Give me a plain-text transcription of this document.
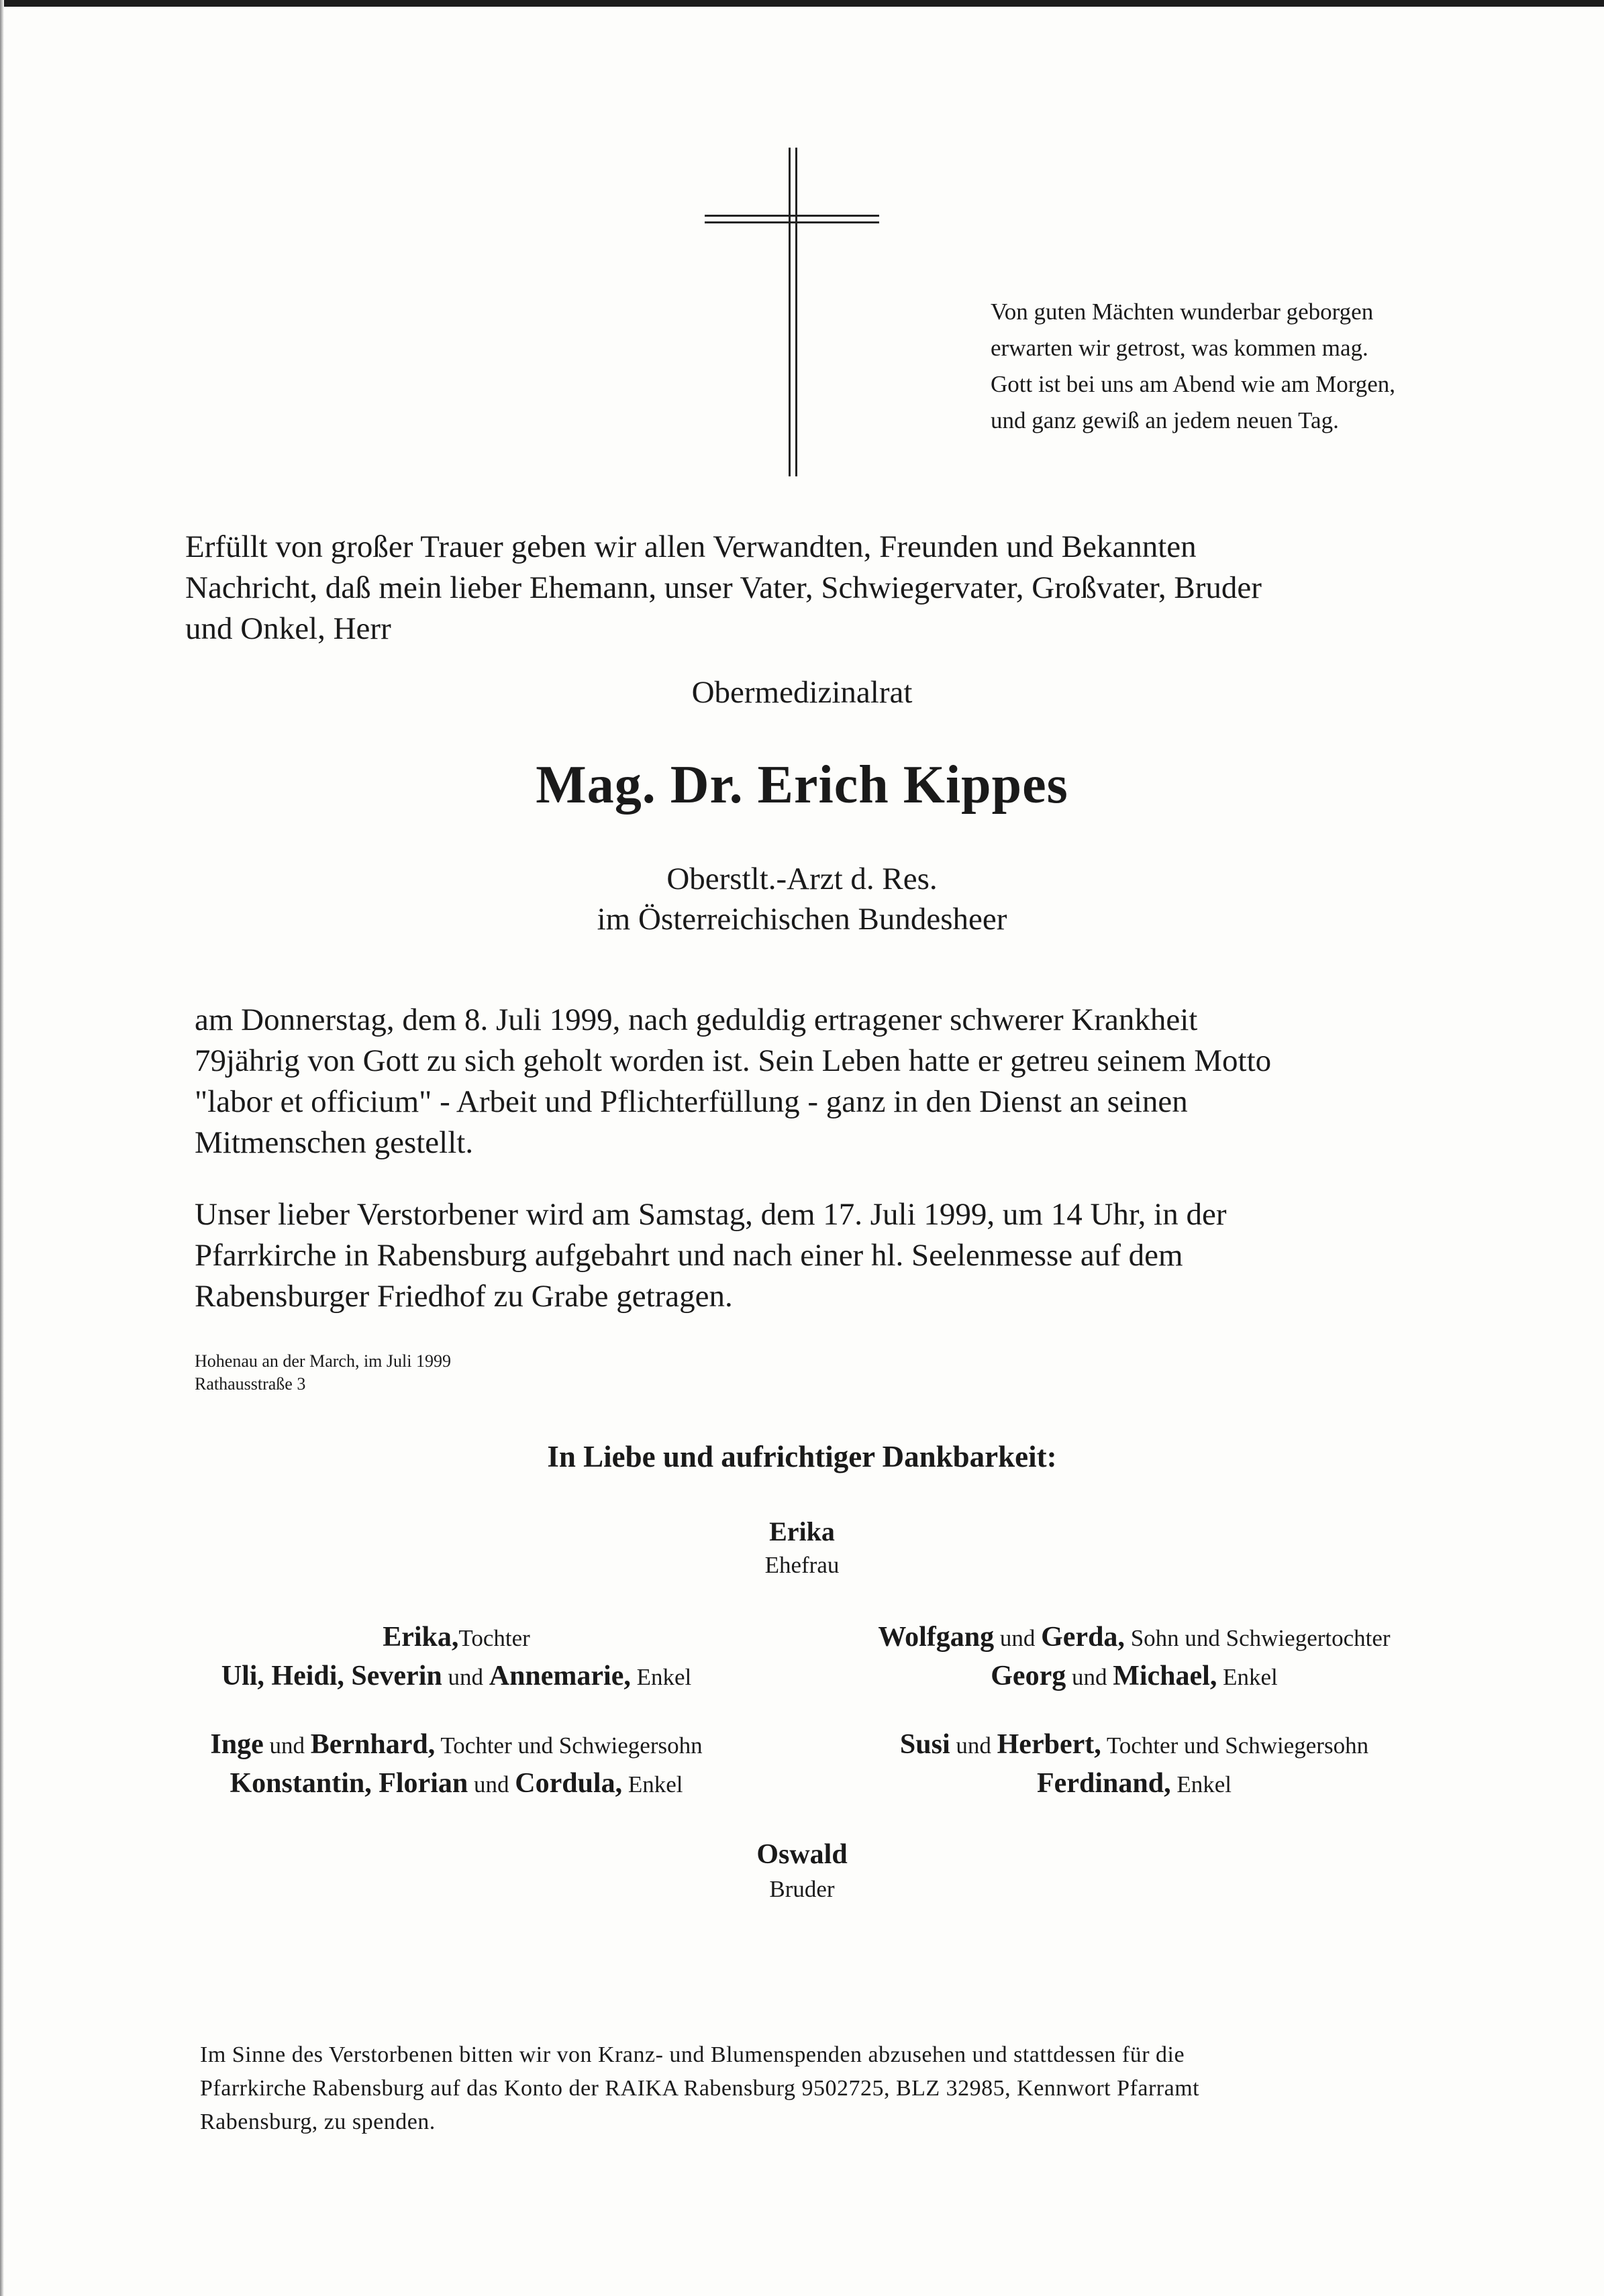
Von guten Mächten wunderbar geborgen
erwarten wir getrost, was kommen mag.
Gott ist bei uns am Abend wie am Morgen,
und ganz gewiß an jedem neuen Tag.
Erfüllt von großer Trauer geben wir allen Verwandten, Freunden und Bekannten
Nachricht, daß mein lieber Ehemann, unser Vater, Schwiegervater, Großvater, Bruder
und Onkel, Herr
Obermedizinalrat
Mag. Dr. Erich Kippes
Oberstlt.-Arzt d. Res.
im Österreichischen Bundesheer
am Donnerstag, dem 8. Juli 1999, nach geduldig ertragener schwerer Krankheit
79jährig von Gott zu sich geholt worden ist. Sein Leben hatte er getreu seinem Motto
"labor et officium" - Arbeit und Pflichterfüllung - ganz in den Dienst an seinen
Mitmenschen gestellt.
Unser lieber Verstorbener wird am Samstag, dem 17. Juli 1999, um 14 Uhr, in der
Pfarrkirche in Rabensburg aufgebahrt und nach einer hl. Seelenmesse auf dem
Rabensburger Friedhof zu Grabe getragen.
Hohenau an der March, im Juli 1999
Rathausstraße 3
In Liebe und aufrichtiger Dankbarkeit:
Erika
Ehefrau
Erika,Tochter
Uli, Heidi, Severin und Annemarie, Enkel
Wolfgang und Gerda, Sohn und Schwiegertochter
Georg und Michael, Enkel
Inge und Bernhard, Tochter und Schwiegersohn
Konstantin, Florian und Cordula, Enkel
Susi und Herbert, Tochter und Schwiegersohn
Ferdinand, Enkel
Oswald
Bruder
Im Sinne des Verstorbenen bitten wir von Kranz- und Blumenspenden abzusehen und stattdessen für die
Pfarrkirche Rabensburg auf das Konto der RAIKA Rabensburg 9502725, BLZ 32985, Kennwort Pfarramt
Rabensburg, zu spenden.
